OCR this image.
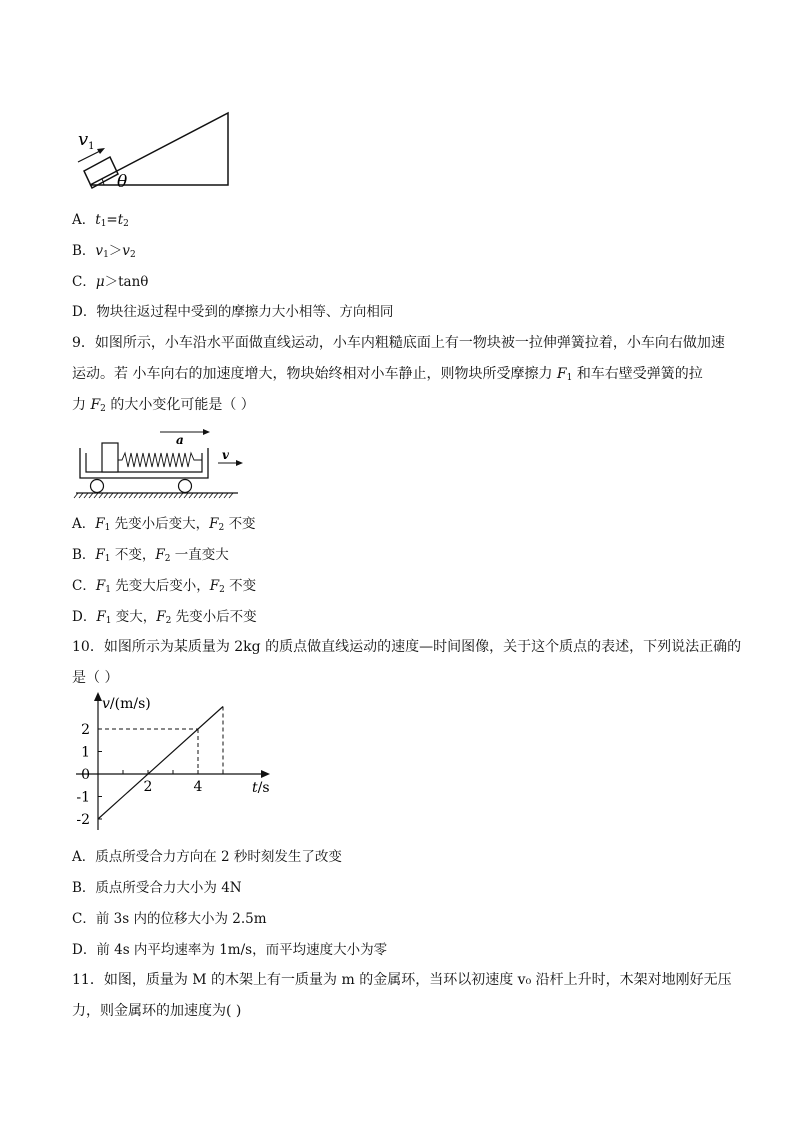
$v_1$
θ
A．$t_1=t_2$
B．$v_1>v_2$
C．μ＞tanθ
D．物块往返过程中受到的摩擦力大小相等、方向相同
9．如图所示，小车沿水平面做直线运动，小车内粗糙底面上有一物块被一拉伸弹簧拉着，小车向右做加速
运动。若 小车向右的加速度增大，物块始终相对小车静止，则物块所受摩擦力 $F_1$ 和车右壁受弹簧的拉
力 $F_2$ 的大小变化可能是（ ）
a
v
A．$F_1$ 先变小后变大，$F_2$ 不变
B．$F_1$ 不变，$F_2$ 一直变大
C．$F_1$ 先变大后变小，$F_2$ 不变
D．$F_1$ 变大，$F_2$ 先变小后不变
10．如图所示为某质量为 2kg 的质点做直线运动的速度—时间图像，关于这个质点的表述，下列说法正确的
是（ ）
2
1
0
-1
-2
2	4
v/(m/s)
t/s
A．质点所受合力方向在 2 秒时刻发生了改变
B．质点所受合力大小为 4N
C．前 3s 内的位移大小为 2.5m
D．前 4s 内平均速率为 1m/s，而平均速度大小为零
11．如图，质量为 M 的木架上有一质量为 m 的金属环，当环以初速度 v₀ 沿杆上升时，木架对地刚好无压
力，则金属环的加速度为( )
